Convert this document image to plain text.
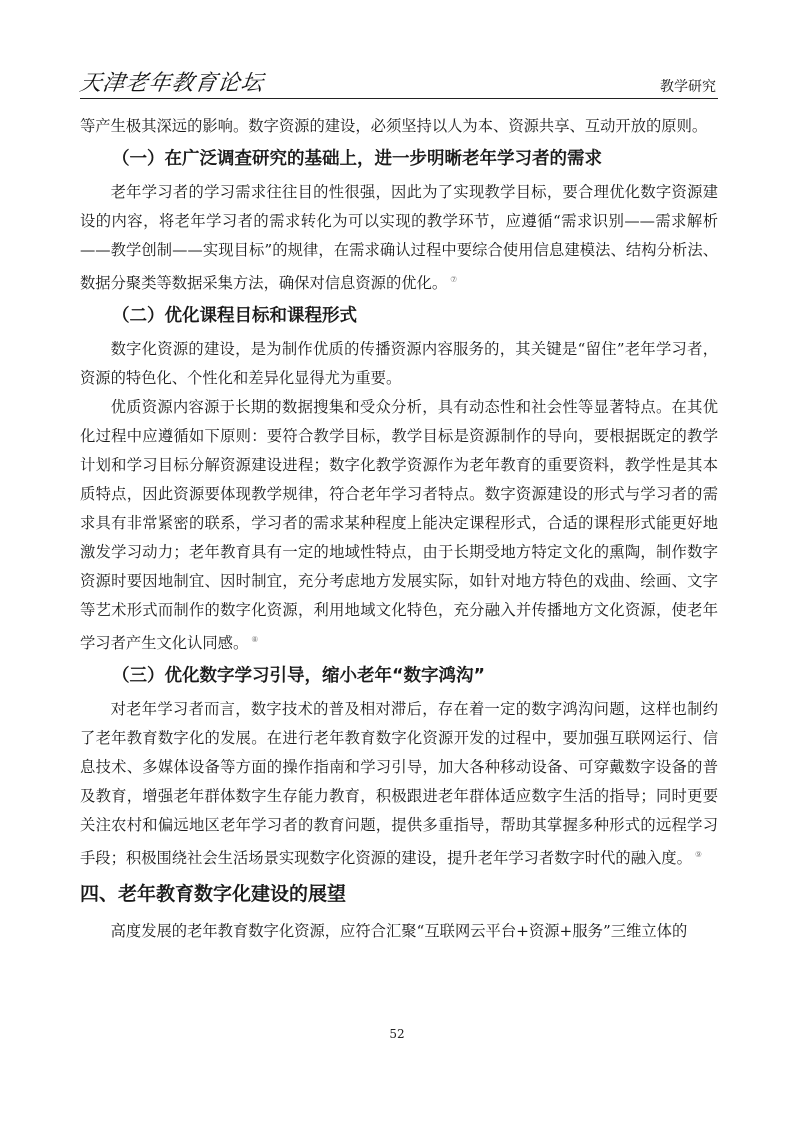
天津老年教育论坛	教学研究

等产生极其深远的影响。数字资源的建设，必须坚持以人为本、资源共享、互动开放的原则。

（一）在广泛调查研究的基础上，进一步明晰老年学习者的需求

老年学习者的学习需求往往目的性很强，因此为了实现教学目标，要合理优化数字资源建设的内容，将老年学习者的需求转化为可以实现的教学环节，应遵循“需求识别——需求解析——教学创制——实现目标”的规律，在需求确认过程中要综合使用信息建模法、结构分析法、数据分聚类等数据采集方法，确保对信息资源的优化。 ⑦

（二）优化课程目标和课程形式

数字化资源的建设，是为制作优质的传播资源内容服务的，其关键是“留住”老年学习者，资源的特色化、个性化和差异化显得尤为重要。

优质资源内容源于长期的数据搜集和受众分析，具有动态性和社会性等显著特点。在其优化过程中应遵循如下原则：要符合教学目标，教学目标是资源制作的导向，要根据既定的教学计划和学习目标分解资源建设进程；数字化教学资源作为老年教育的重要资料，教学性是其本质特点，因此资源要体现教学规律，符合老年学习者特点。数字资源建设的形式与学习者的需求具有非常紧密的联系，学习者的需求某种程度上能决定课程形式，合适的课程形式能更好地激发学习动力；老年教育具有一定的地域性特点，由于长期受地方特定文化的熏陶，制作数字资源时要因地制宜、因时制宜，充分考虑地方发展实际，如针对地方特色的戏曲、绘画、文字等艺术形式而制作的数字化资源，利用地域文化特色，充分融入并传播地方文化资源，使老年学习者产生文化认同感。 ⑧

（三）优化数字学习引导，缩小老年“数字鸿沟”

对老年学习者而言，数字技术的普及相对滞后，存在着一定的数字鸿沟问题，这样也制约了老年教育数字化的发展。在进行老年教育数字化资源开发的过程中，要加强互联网运行、信息技术、多媒体设备等方面的操作指南和学习引导，加大各种移动设备、可穿戴数字设备的普及教育，增强老年群体数字生存能力教育，积极跟进老年群体适应数字生活的指导；同时更要关注农村和偏远地区老年学习者的教育问题，提供多重指导，帮助其掌握多种形式的远程学习手段；积极围绕社会生活场景实现数字化资源的建设，提升老年学习者数字时代的融入度。 ⑨

四、老年教育数字化建设的展望

高度发展的老年教育数字化资源，应符合汇聚“互联网云平台+资源+服务”三维立体的

52
